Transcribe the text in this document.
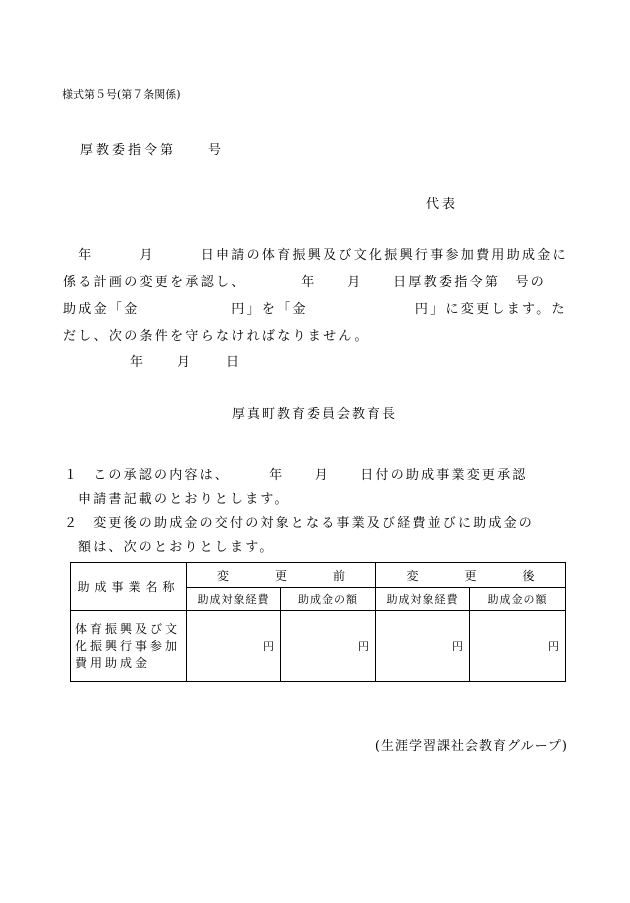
様式第５号(第７条関係)
厚教委指令第　　号
代表
　年　　　月　　　日申請の体育振興及び文化振興行事参加費用助成金に
係る計画の変更を承認し、　　　　年　　月　　日厚教委指令第　号の
助成金「金　　　　　　円」を「金　　　　　　　円」に変更します。た
だし、次の条件を守らなければなりません。
年	月	日
厚真町教育委員会教育長
１ この承認の内容は、　　　年　　月　　日付の助成事業変更承認
申請書記載のとおりとします。
２ 変更後の助成金の交付の対象となる事業及び経費並びに助成金の
額は、次のとおりとします。
助成事業名称	変 更 前		変 更 後	
	助成対象経費	助成金の額	助成対象経費	助成金の額
体育振興及び文化振興行事参加費用助成金	円	円	円	円
(生涯学習課社会教育グループ)
